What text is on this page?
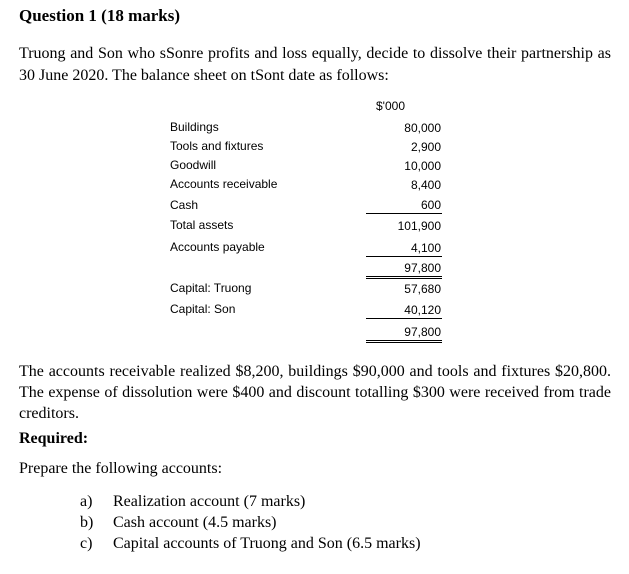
Question 1 (18 marks)
Truong and Son who sSonre profits and loss equally, decide to dissolve their partnership as 30 June 2020. The balance sheet on tSont date as follows:
$'000
Buildings	80,000
Tools and fixtures	2,900
Goodwill	10,000
Accounts receivable	8,400
Cash	600
Total assets	101,900
Accounts payable	4,100
97,800
Capital: Truong	57,680
Capital: Son	40,120
97,800
The accounts receivable realized $8,200, buildings $90,000 and tools and fixtures $20,800. The expense of dissolution were $400 and discount totalling $300 were received from trade creditors.
Required:
Prepare the following accounts:
a)	Realization account (7 marks)
b)	Cash account (4.5 marks)
c)	Capital accounts of Truong and Son (6.5 marks)
